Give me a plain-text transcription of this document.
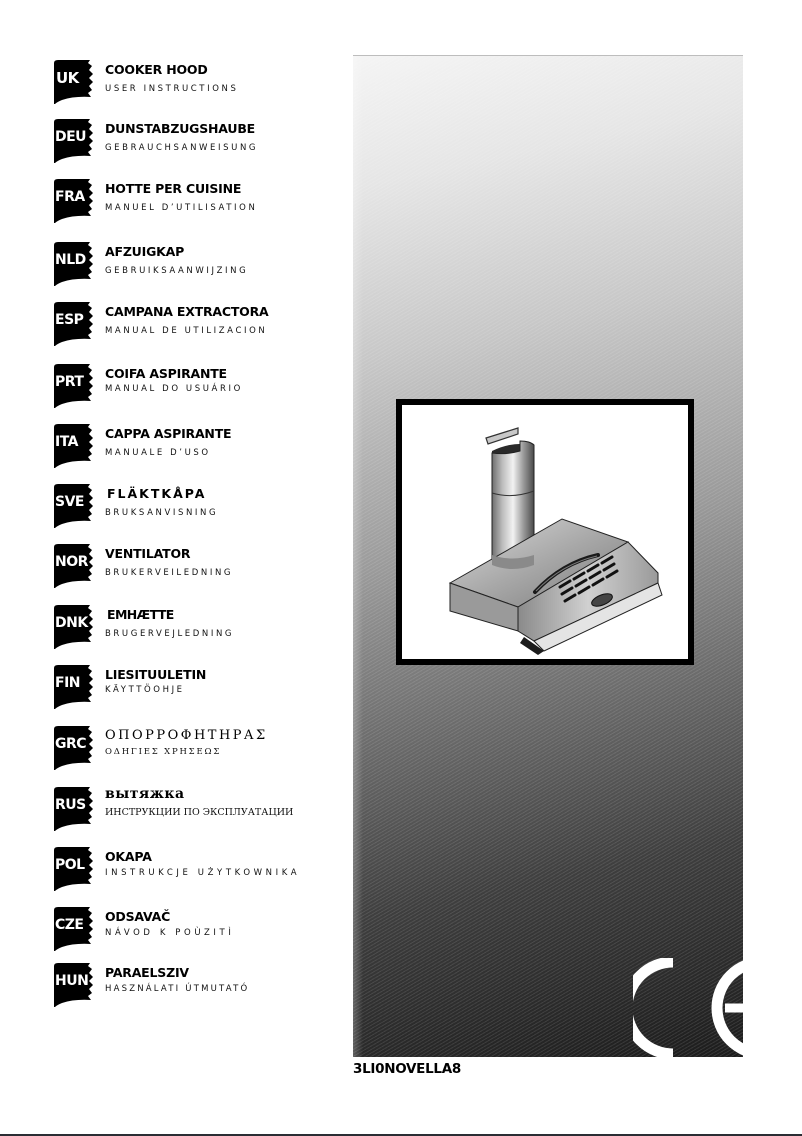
UK	COOKER HOOD
USER INSTRUCTIONS
DEU
DUNSTABZUGSHAUBE
GEBRAUCHSANWEISUNG
FRA
HOTTE PER CUISINE
MANUEL D’UTILISATION
NLD
AFZUIGKAP
GEBRUIKSAANWIJZING
ESP
CAMPANA EXTRACTORA
MANUAL DE UTILIZACION
PRT
COIFA ASPIRANTE
MANUAL DO USUÁRIO
ITA
CAPPA ASPIRANTE
MANUALE D’USO
SVE
FLÄKTKÅPA
BRUKSANVISNING
NOR
VENTILATOR
BRUKERVEILEDNING
DNK
EMHÆTTE
BRUGERVEJLEDNING
FIN
LIESITUULETIN
KÄYTTÖOHJE
GRC
ΟΠΟΡΡΟΦΗΤΗΡΑΣ
ΟΔΗΓΙΕΣ ΧΡΗΣΕΩΣ
RUS
вытяжка
ИНСТРУКЦИИ ПО ЭКСПЛУАТАЦИИ
POL
OKAPA
INSTRUKCJE UŻYTKOWNIKA
CZE
ODSAVAČ
NÁVOD K POÙZITÌ
HUN
PARAELSZIV
HASZNÁLATI ÚTMUTATÓ
3LI0NOVELLA8
